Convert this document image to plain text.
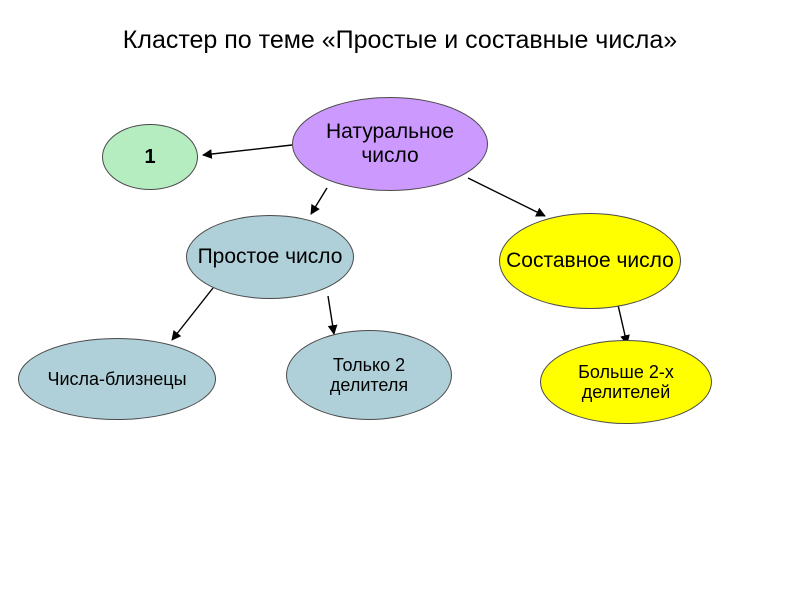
Кластер по теме «Простые и составные числа»
Натуральное число
1
Простое число	Составное число
Числа-близнецы
Только 2 делителя
Больше 2-х делителей
